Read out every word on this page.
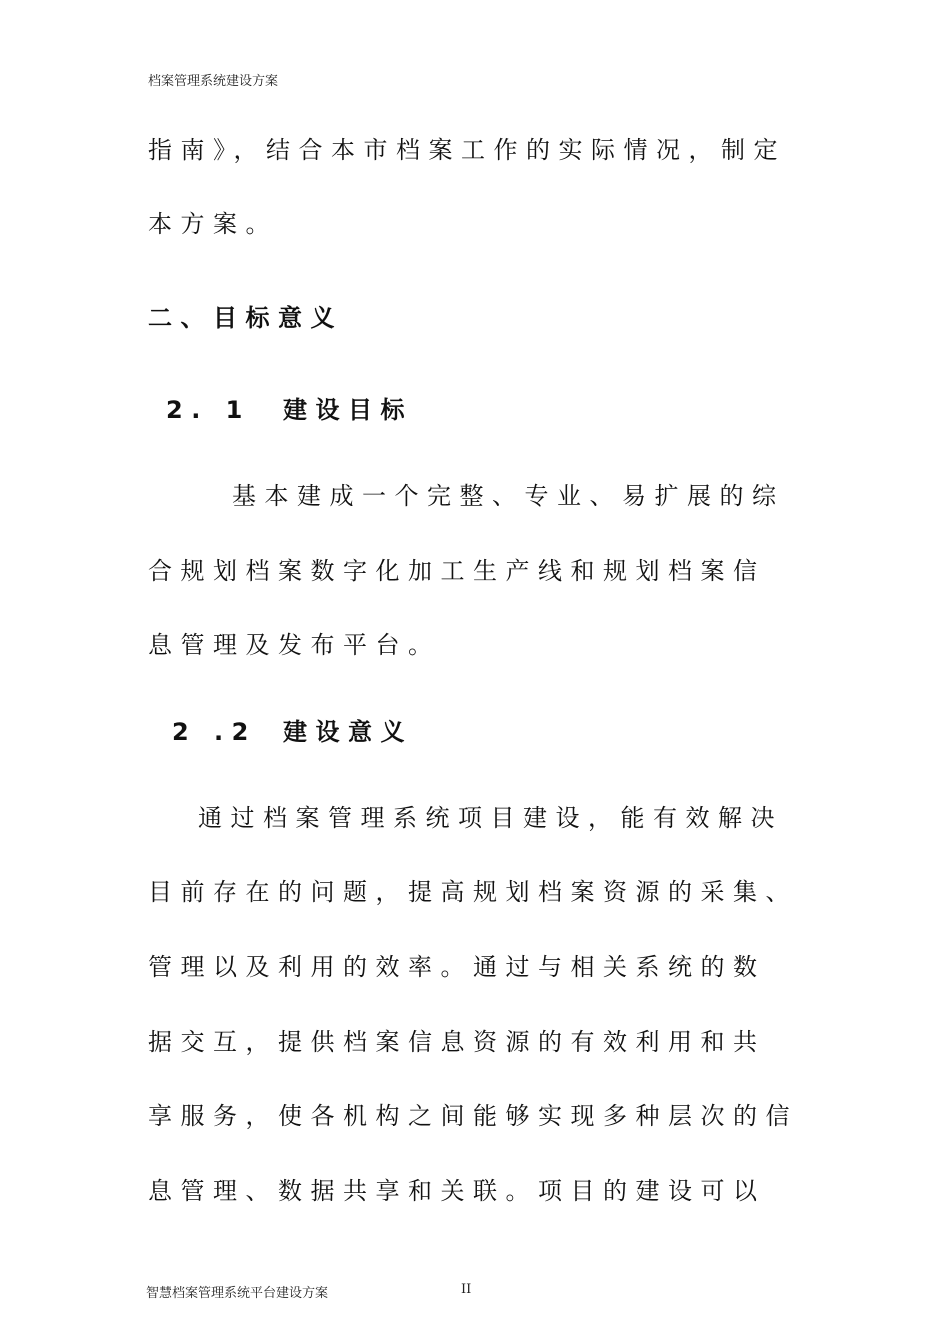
档案管理系统建设方案
指南》，结合本市档案工作的实际情况，制定
本方案。
二、目标意义
2. 1 建设目标
基本建成一个完整、专业、易扩展的综
合规划档案数字化加工生产线和规划档案信
息管理及发布平台。
2 .2 建设意义
通过档案管理系统项目建设，能有效解决
目前存在的问题，提高规划档案资源的采集、
管理以及利用的效率。通过与相关系统的数
据交互，提供档案信息资源的有效利用和共
享服务，使各机构之间能够实现多种层次的信
息管理、数据共享和关联。项目的建设可以
智慧档案管理系统平台建设方案	II
